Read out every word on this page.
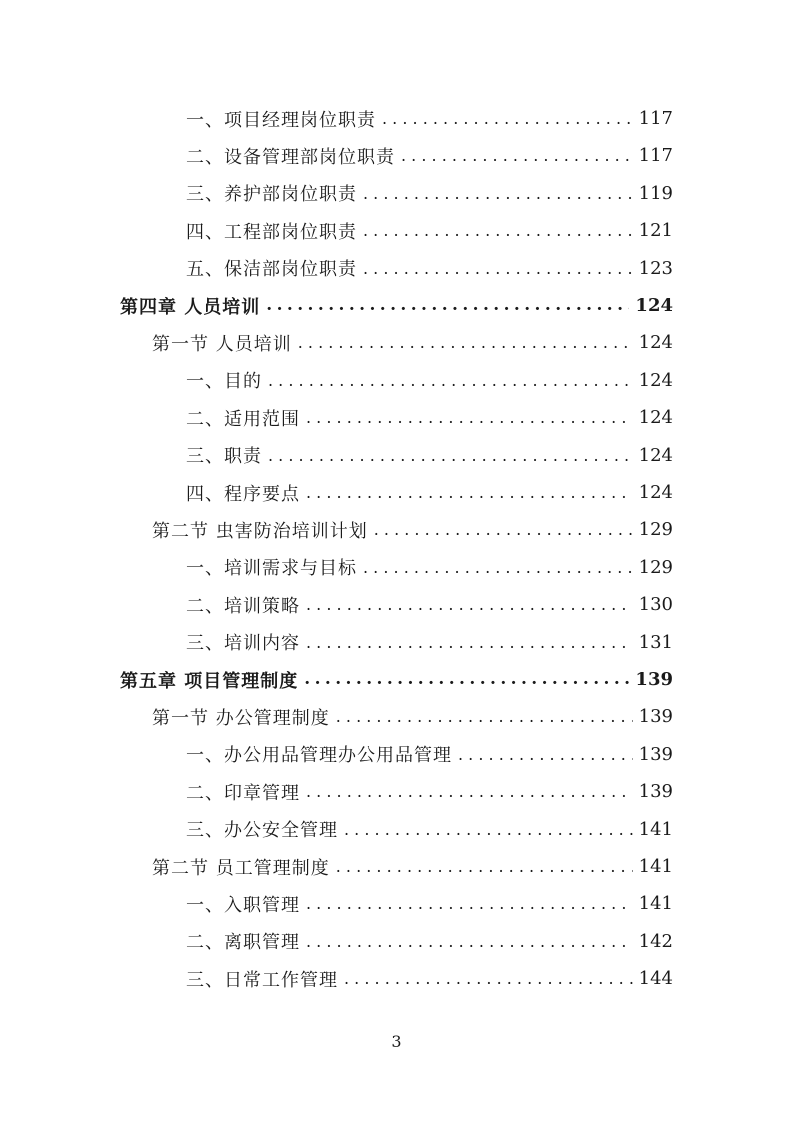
一、项目经理岗位职责 . . .	117
二、设备管理部岗位职责 . . .	117
三、养护部岗位职责 . . .	119
四、工程部岗位职责 . . .	121
五、保洁部岗位职责 . . .	123
第四章 人员培训 .....	124
第一节 人员培训 . . .	124
一、目的 . . .	124
二、适用范围 . . .	124
三、职责 . . .	124
四、程序要点 . . .	124
第二节 虫害防治培训计划 . . .	129
一、培训需求与目标 . . .	129
二、培训策略 . . .	130
三、培训内容 . . .	131
第五章 项目管理制度 .....	139
第一节 办公管理制度 . . .	139
一、办公用品管理办公用品管理 . . .	139
二、印章管理 . . .	139
三、办公安全管理 . . .	141
第二节 员工管理制度 . . .	141
一、入职管理 . . .	141
二、离职管理 . . .	142
三、日常工作管理 . . .	144
3
